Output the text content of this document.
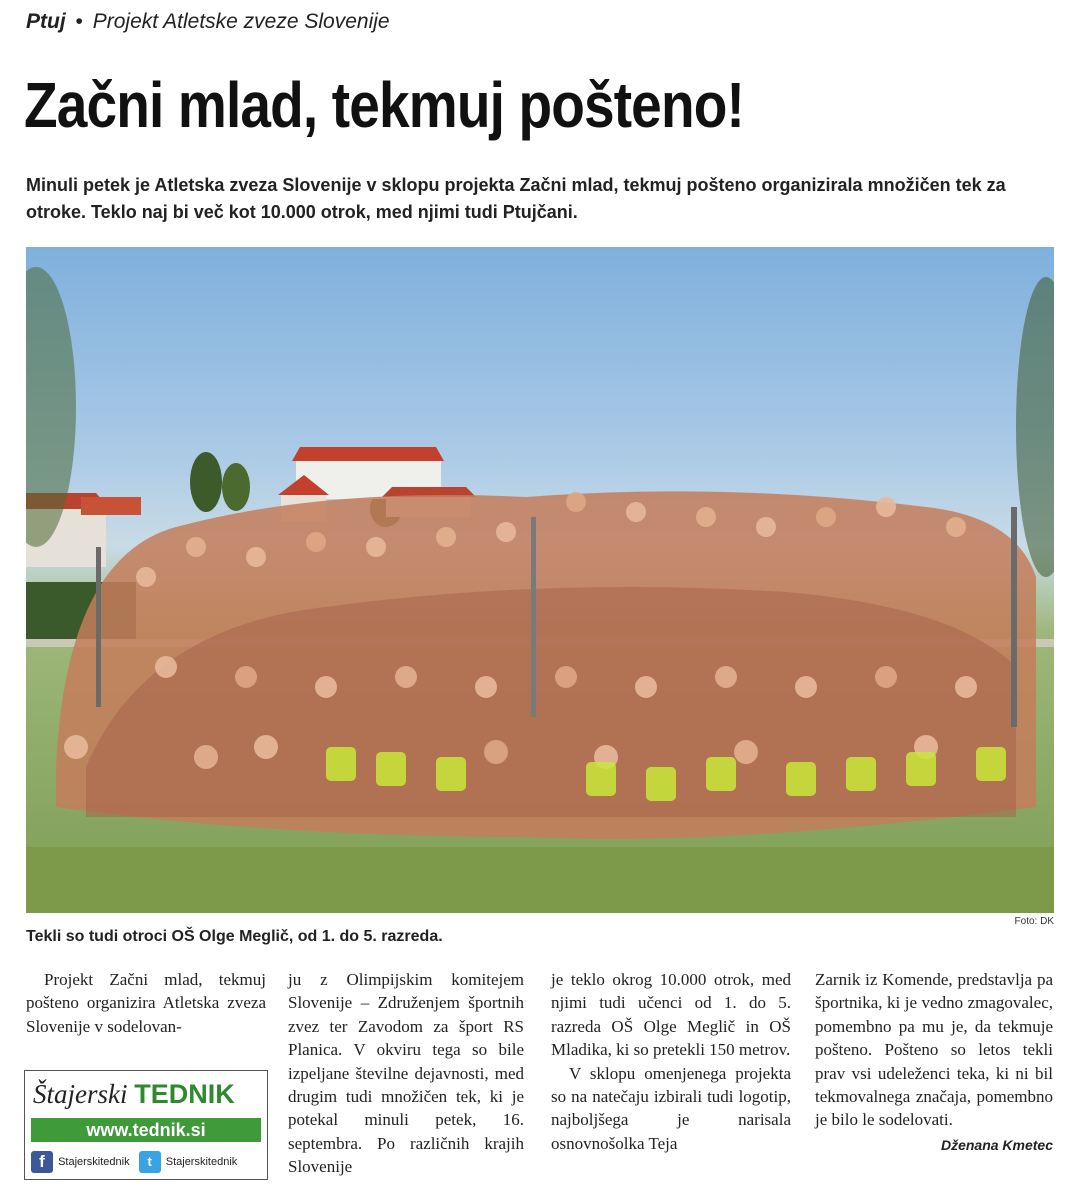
Ptuj • Projekt Atletske zveze Slovenije
Začni mlad, tekmuj pošteno!
Minuli petek je Atletska zveza Slovenije v sklopu projekta Začni mlad, tekmuj pošteno organizirala množičen tek za otroke. Teklo naj bi več kot 10.000 otrok, med njimi tudi Ptujčani.
Foto: DK
Tekli so tudi otroci OŠ Olge Meglič, od 1. do 5. razreda.
Projekt Začni mlad, tekmuj pošteno organizira Atletska zveza Slovenije v sodelovan-
ju z Olimpijskim komitejem Slovenije – Združenjem športnih zvez ter Zavodom za šport RS Planica. V okviru tega so bile izpeljane številne dejavnosti, med drugim tudi množičen tek, ki je potekal minuli petek, 16. septembra. Po različnih krajih Slovenije

je teklo okrog 10.000 otrok, med njimi tudi učenci od 1. do 5. razreda OŠ Olge Meglič in OŠ Mladika, ki so pretekli 150 metrov.

V sklopu omenjenega projekta so na natečaju izbirali tudi logotip, najboljšega je narisala osnovnošolka Teja

Zarnik iz Komende, predstavlja pa športnika, ki je vedno zmagovalec, pomembno pa mu je, da tekmuje pošteno. Pošteno so letos tekli prav vsi udeleženci teka, ki ni bil tekmovalnega značaja, pomembno je bilo le sodelovati.
Dženana Kmetec
Štajerski TEDNIK
www.tednik.si
f Stajerskitednik t Stajerskitednik
